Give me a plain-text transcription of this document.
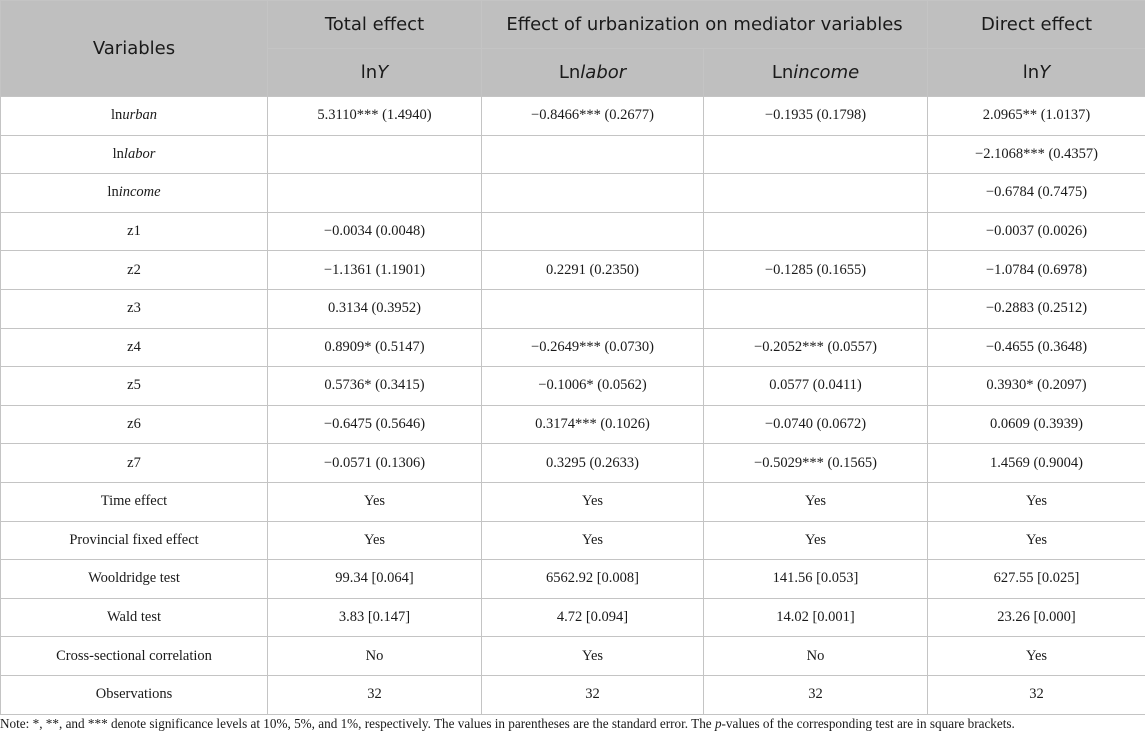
Variables	Total effect	Effect of urbanization on mediator variables		Direct effect
	lnY	Lnlabor	Lnincome	lnY
lnurban	5.3110*** (1.4940)	−0.8466*** (0.2677)	−0.1935 (0.1798)	2.0965** (1.0137)
lnlabor				−2.1068*** (0.4357)
lnincome				−0.6784 (0.7475)
z1	−0.0034 (0.0048)			−0.0037 (0.0026)
z2	−1.1361 (1.1901)	0.2291 (0.2350)	−0.1285 (0.1655)	−1.0784 (0.6978)
z3	0.3134 (0.3952)			−0.2883 (0.2512)
z4	0.8909* (0.5147)	−0.2649*** (0.0730)	−0.2052*** (0.0557)	−0.4655 (0.3648)
z5	0.5736* (0.3415)	−0.1006* (0.0562)	0.0577 (0.0411)	0.3930* (0.2097)
z6	−0.6475 (0.5646)	0.3174*** (0.1026)	−0.0740 (0.0672)	0.0609 (0.3939)
z7	−0.0571 (0.1306)	0.3295 (0.2633)	−0.5029*** (0.1565)	1.4569 (0.9004)
Time effect	Yes	Yes	Yes	Yes
Provincial fixed effect	Yes	Yes	Yes	Yes
Wooldridge test	99.34 [0.064]	6562.92 [0.008]	141.56 [0.053]	627.55 [0.025]
Wald test	3.83 [0.147]	4.72 [0.094]	14.02 [0.001]	23.26 [0.000]
Cross-sectional correlation	No	Yes	No	Yes
Observations	32	32	32	32
Note: *, **, and *** denote significance levels at 10%, 5%, and 1%, respectively. The values in parentheses are the standard error. The p-values of the corresponding test are in square brackets.
